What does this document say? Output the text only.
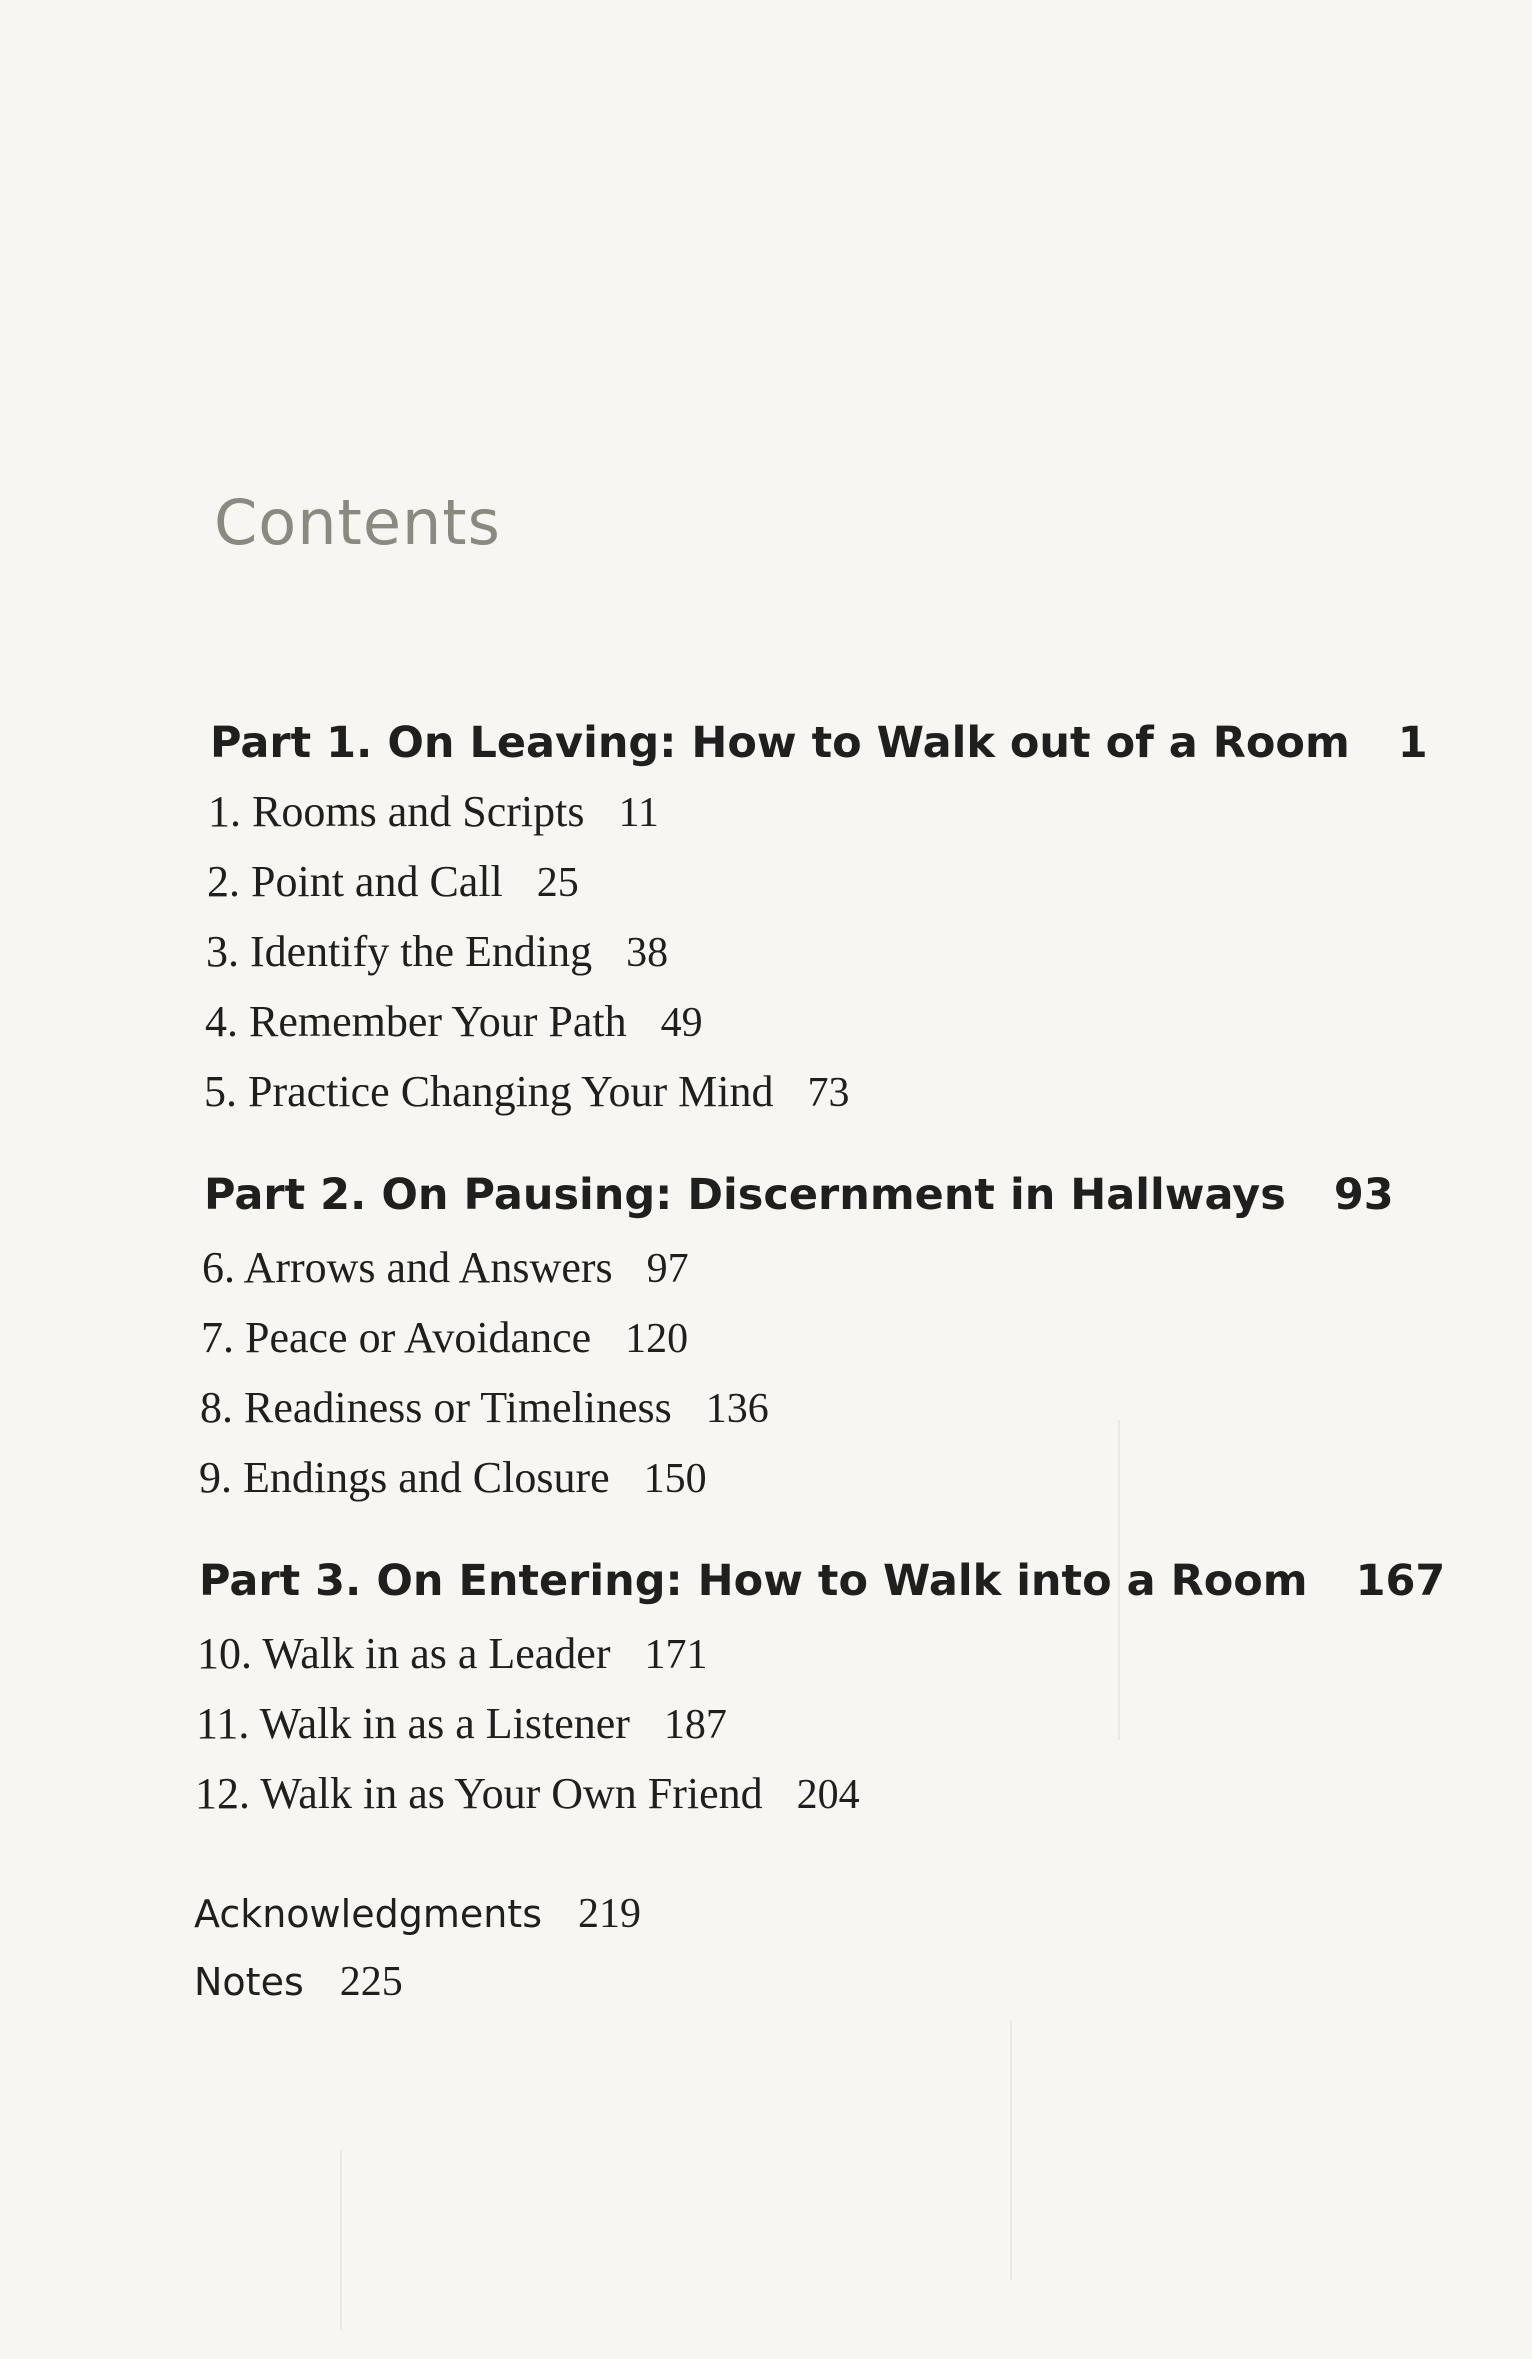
Contents
Part 1. On Leaving: How to Walk out of a Room 1
1. Rooms and Scripts 11
2. Point and Call 25
3. Identify the Ending 38
4. Remember Your Path 49
5. Practice Changing Your Mind 73
Part 2. On Pausing: Discernment in Hallways 93
6. Arrows and Answers 97
7. Peace or Avoidance 120
8. Readiness or Timeliness 136
9. Endings and Closure 150
Part 3. On Entering: How to Walk into a Room 167
10. Walk in as a Leader 171
11. Walk in as a Listener 187
12. Walk in as Your Own Friend 204
Acknowledgments 219
Notes 225
